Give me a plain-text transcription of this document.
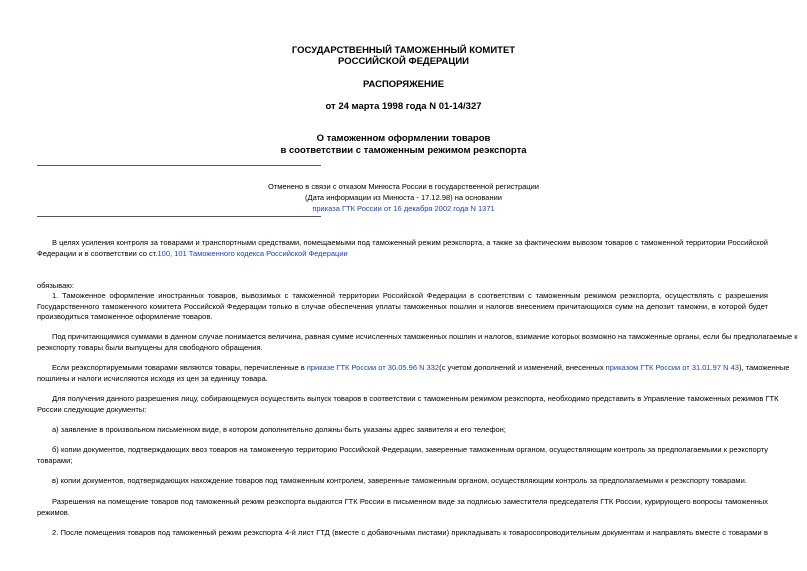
ГОСУДАРСТВЕННЫЙ ТАМОЖЕННЫЙ КОМИТЕТ
РОССИЙСКОЙ ФЕДЕРАЦИИ
РАСПОРЯЖЕНИЕ
от 24 марта 1998 года N 01-14/327
О таможенном оформлении товаров
в соответствии с таможенным режимом реэкспорта
Отменено в связи с отказом Минюста России в государственной регистрации
(Дата информации из Минюста - 17.12.98) на основании
приказа ГТК России от 16 декабря 2002 года N 1371
В целях усиления контроля за товарами и транспортными средствами, помещаемыми под таможенный режим реэкспорта, а также за фактическим вывозом товаров с таможенной территории Российской
Федерации и в соответствии со ст.100, 101 Таможенного кодекса Российской Федерации
обязываю:
1. Таможенное оформление иностранных товаров, вывозимых с таможенной территории Российской Федерации в соответствии с таможенным режимом реэкспорта, осуществлять с разрешения
Государственного таможенного комитета Российской Федерации только в случае обеспечения уплаты таможенных пошлин и налогов внесением причитающихся сумм на депозит таможни, в которой будет
производиться таможенное оформление товаров.
Под причитающимися суммами в данном случае понимается величина, равная сумме исчисленных таможенных пошлин и налогов, взимание которых возможно на таможенные органы, если бы предполагаемые к
реэкспорту товары были выпущены для свободного обращения.
Если реэкспортируемыми товарами являются товары, перечисленные в приказе ГТК России от 30.05.96 N 332(с учетом дополнений и изменений, внесенных приказом ГТК России от 31.01.97 N 43), таможенные
пошлины и налоги исчисляются исходя из цен за единицу товара.
Для получения данного разрешения лицу, собирающемуся осуществить выпуск товаров в соответствии с таможенным режимом реэкспорта, необходимо представить в Управление таможенных режимов ГТК
России следующие документы:
а) заявление в произвольном письменном виде, в котором дополнительно должны быть указаны адрес заявителя и его телефон;
б) копии документов, подтверждающих ввоз товаров на таможенную территорию Российской Федерации, заверенные таможенным органом, осуществляющим контроль за предполагаемыми к реэкспорту
товарами;
в) копии документов, подтверждающих нахождение товаров под таможенным контролем, заверенные таможенным органом, осуществляющим контроль за предполагаемыми к реэкспорту товарами.
Разрешения на помещение товаров под таможенный режим реэкспорта выдаются ГТК России в письменном виде за подписью заместителя председателя ГТК России, курирующего вопросы таможенных
режимов.
2. После помещения товаров под таможенный режим реэкспорта 4-й лист ГТД (вместе с добавочными листами) прикладывать к товаросопроводительным документам и направлять вместе с товарами в
